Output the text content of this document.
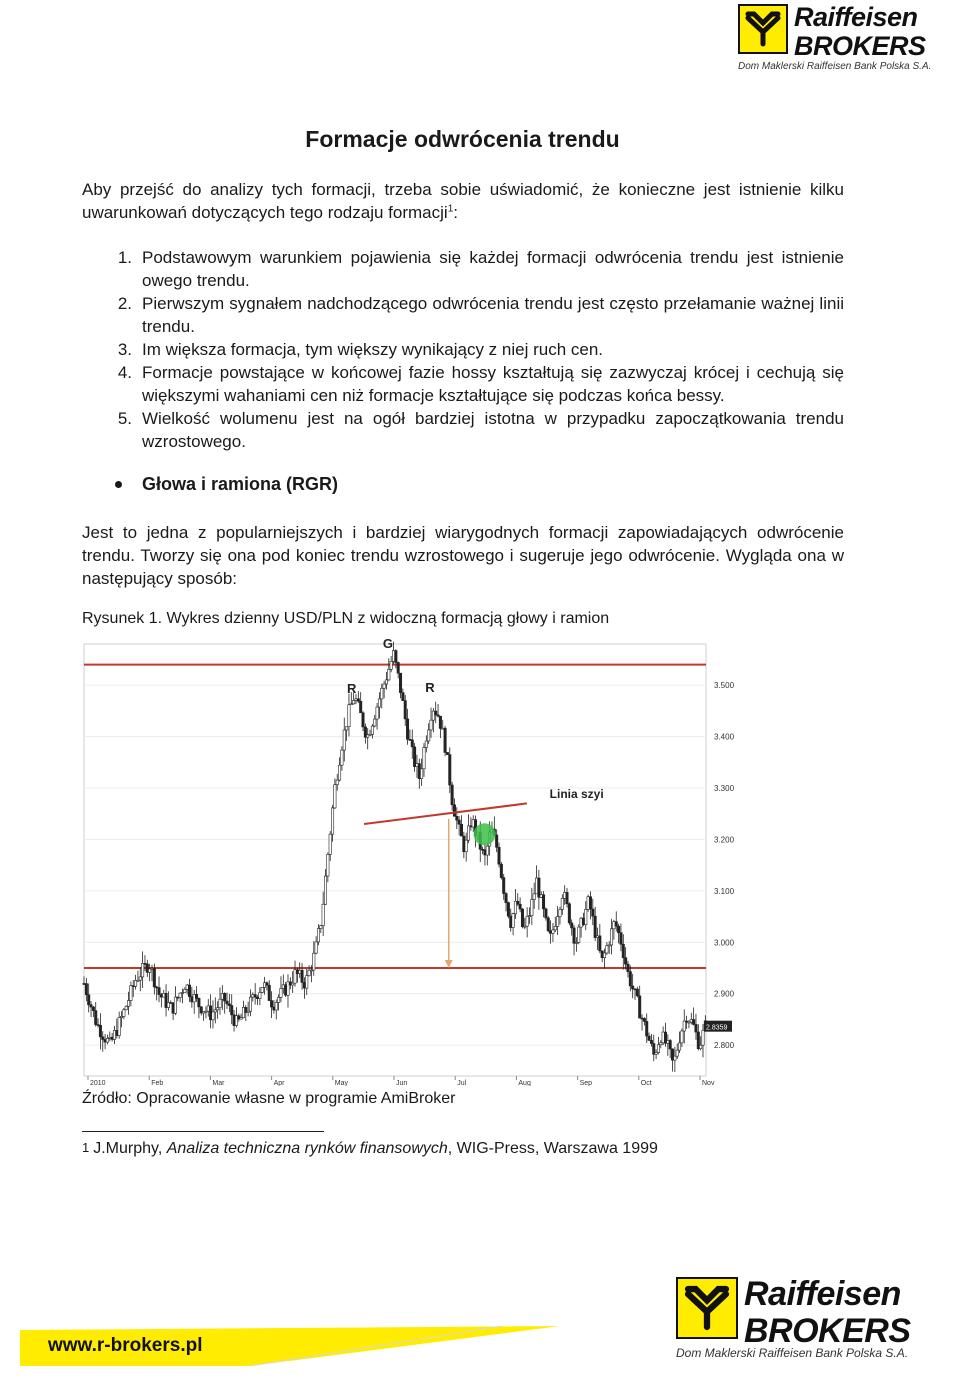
Raiffeisen
BROKERS
Dom Maklerski Raiffeisen Bank Polska S.A.
Formacje odwrócenia trendu
Aby przejść do analizy tych formacji, trzeba sobie uświadomić, że konieczne jest istnienie kilku uwarunkowań dotyczących tego rodzaju formacji$^1$:
1. Podstawowym warunkiem pojawienia się każdej formacji odwrócenia trendu jest istnienie owego trendu.
2. Pierwszym sygnałem nadchodzącego odwrócenia trendu jest często przełamanie ważnej linii trendu.
3. Im większa formacja, tym większy wynikający z niej ruch cen.
4. Formacje powstające w końcowej fazie hossy kształtują się zazwyczaj krócej i cechują się większymi wahaniami cen niż formacje kształtujące się podczas końca bessy.
5. Wielkość wolumenu jest na ogół bardziej istotna w przypadku zapoczątkowania trendu wzrostowego.
Głowa i ramiona (RGR)
Jest to jedna z popularniejszych i bardziej wiarygodnych formacji zapowiadających odwrócenie trendu. Tworzy się ona pod koniec trendu wzrostowego i sugeruje jego odwrócenie. Wygląda ona w następujący sposób:
Rysunek 1. Wykres dzienny USD/PLN z widoczną formacją głowy i ramion
3.500
3.400
3.300
3.200
3.100
3.000
2.900
2.800
2010	Feb	Mar	Apr	May	Jun	Jul	Aug	Sep	Oct	Nov
G
R	R
Linia szyi
2.8359
Źródło: Opracowanie własne w programie AmiBroker
$^1$ J.Murphy, Analiza techniczna rynków finansowych, WIG-Press, Warszawa 1999
www.r-brokers.pl
Raiffeisen
BROKERS
Dom Maklerski Raiffeisen Bank Polska S.A.
